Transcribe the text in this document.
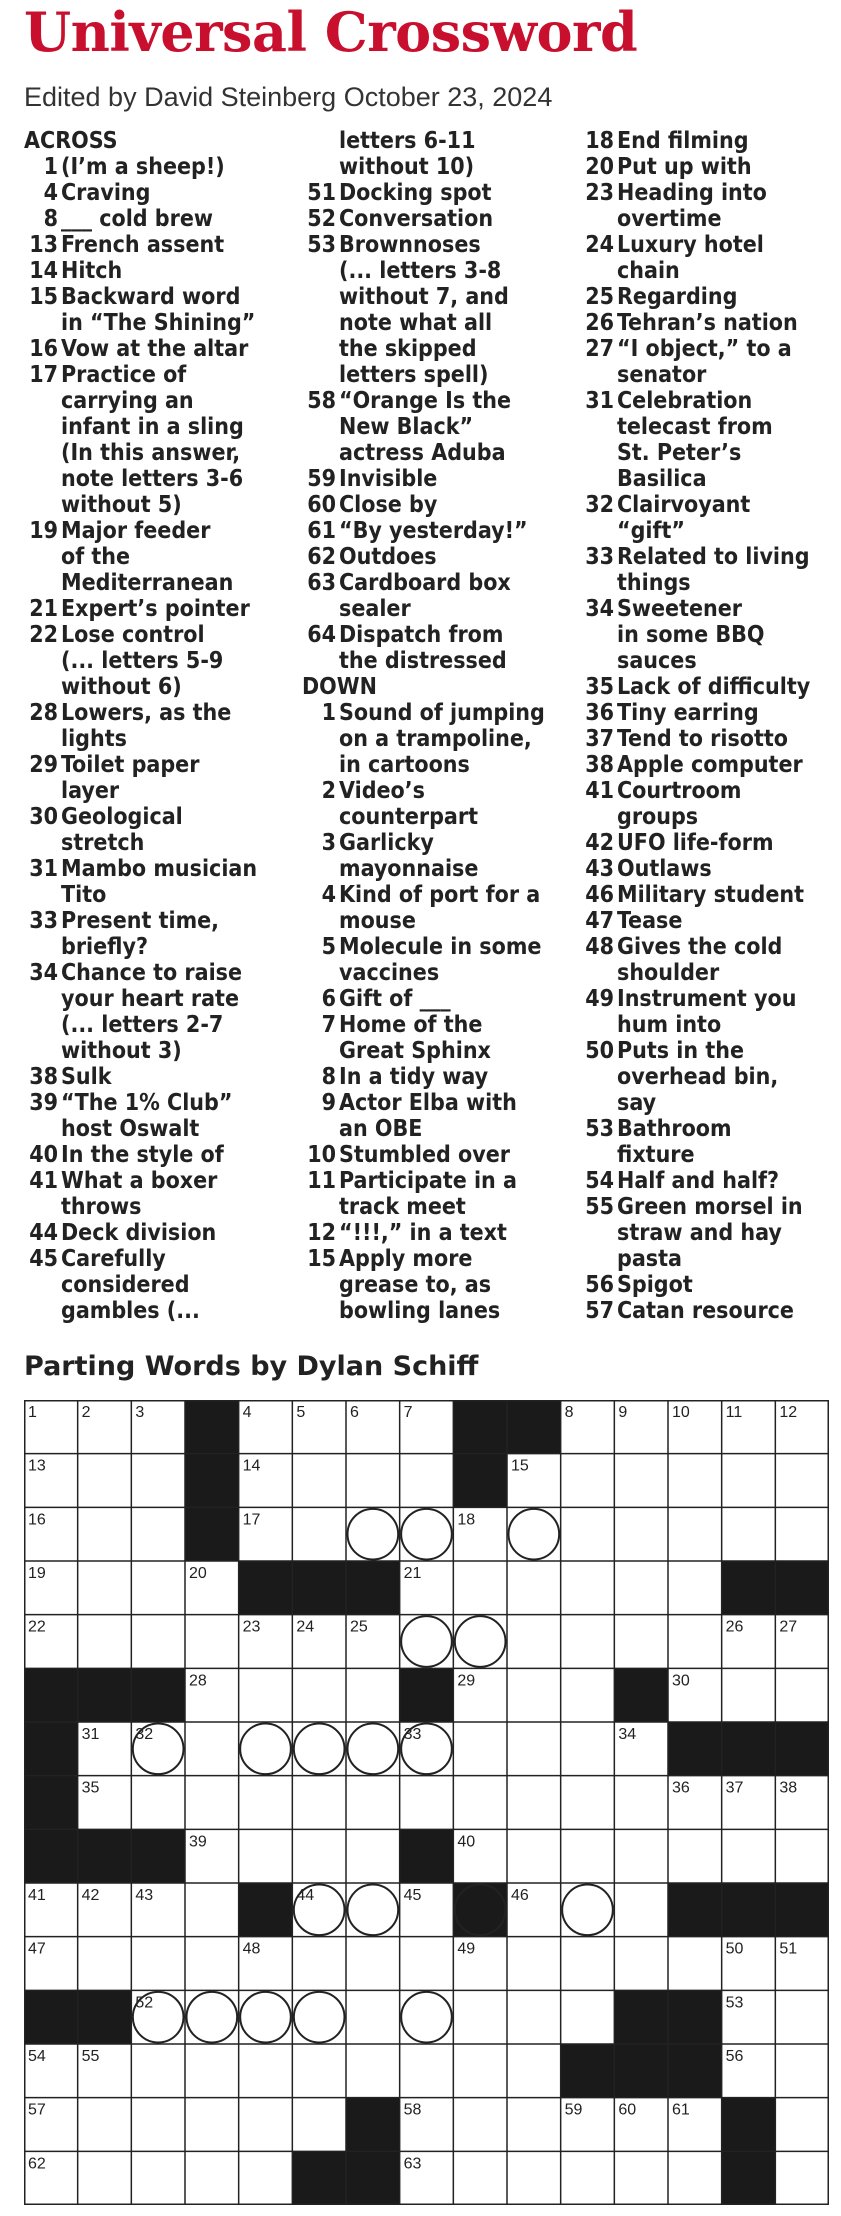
Universal Crossword
Edited by David Steinberg October 23, 2024
ACROSS
1 (I’m a sheep!)
4 Craving
8 ___ cold brew
13 French assent
14 Hitch
15 Backward word
in “The Shining”
16 Vow at the altar
17 Practice of
carrying an
infant in a sling
(In this answer,
note letters 3-6
without 5)
19 Major feeder
of the
Mediterranean
21 Expert’s pointer
22 Lose control
(... letters 5-9
without 6)
28 Lowers, as the
lights
29 Toilet paper
layer
30 Geological
stretch
31 Mambo musician
Tito
33 Present time,
briefly?
34 Chance to raise
your heart rate
(... letters 2-7
without 3)
38 Sulk
39 “The 1% Club”
host Oswalt
40 In the style of
41 What a boxer
throws
44 Deck division
45 Carefully
considered
gambles (...
letters 6-11
without 10)
51 Docking spot
52 Conversation
53 Brownnoses
(... letters 3-8
without 7, and
note what all
the skipped
letters spell)
58 “Orange Is the
New Black”
actress Aduba
59 Invisible
60 Close by
61 “By yesterday!”
62 Outdoes
63 Cardboard box
sealer
64 Dispatch from
the distressed
DOWN
1 Sound of jumping
on a trampoline,
in cartoons
2 Video’s
counterpart
3 Garlicky
mayonnaise
4 Kind of port for a
mouse
5 Molecule in some
vaccines
6 Gift of ___
7 Home of the
Great Sphinx
8 In a tidy way
9 Actor Elba with
an OBE
10 Stumbled over
11 Participate in a
track meet
12 “!!!,” in a text
15 Apply more
grease to, as
bowling lanes
18 End filming
20 Put up with
23 Heading into
overtime
24 Luxury hotel
chain
25 Regarding
26 Tehran’s nation
27 “I object,” to a
senator
31 Celebration
telecast from
St. Peter’s
Basilica
32 Clairvoyant
“gift”
33 Related to living
things
34 Sweetener
in some BBQ
sauces
35 Lack of difficulty
36 Tiny earring
37 Tend to risotto
38 Apple computer
41 Courtroom
groups
42 UFO life-form
43 Outlaws
46 Military student
47 Tease
48 Gives the cold
shoulder
49 Instrument you
hum into
50 Puts in the
overhead bin,
say
53 Bathroom
fixture
54 Half and half?
55 Green morsel in
straw and hay
pasta
56 Spigot
57 Catan resource
Parting Words by Dylan Schiff
1	2	3	4	5	6	7	8	9	10 11 12
13	14	15
16	17	18
19	20	21
22	23 24 25	26 27
28	29	30
31 32	33	34
35	36 37 38
39	40
41 42 43	44	45	46
47	48	49	50 51
52	53
54 55	56
57	58	59 60 61
62	63
